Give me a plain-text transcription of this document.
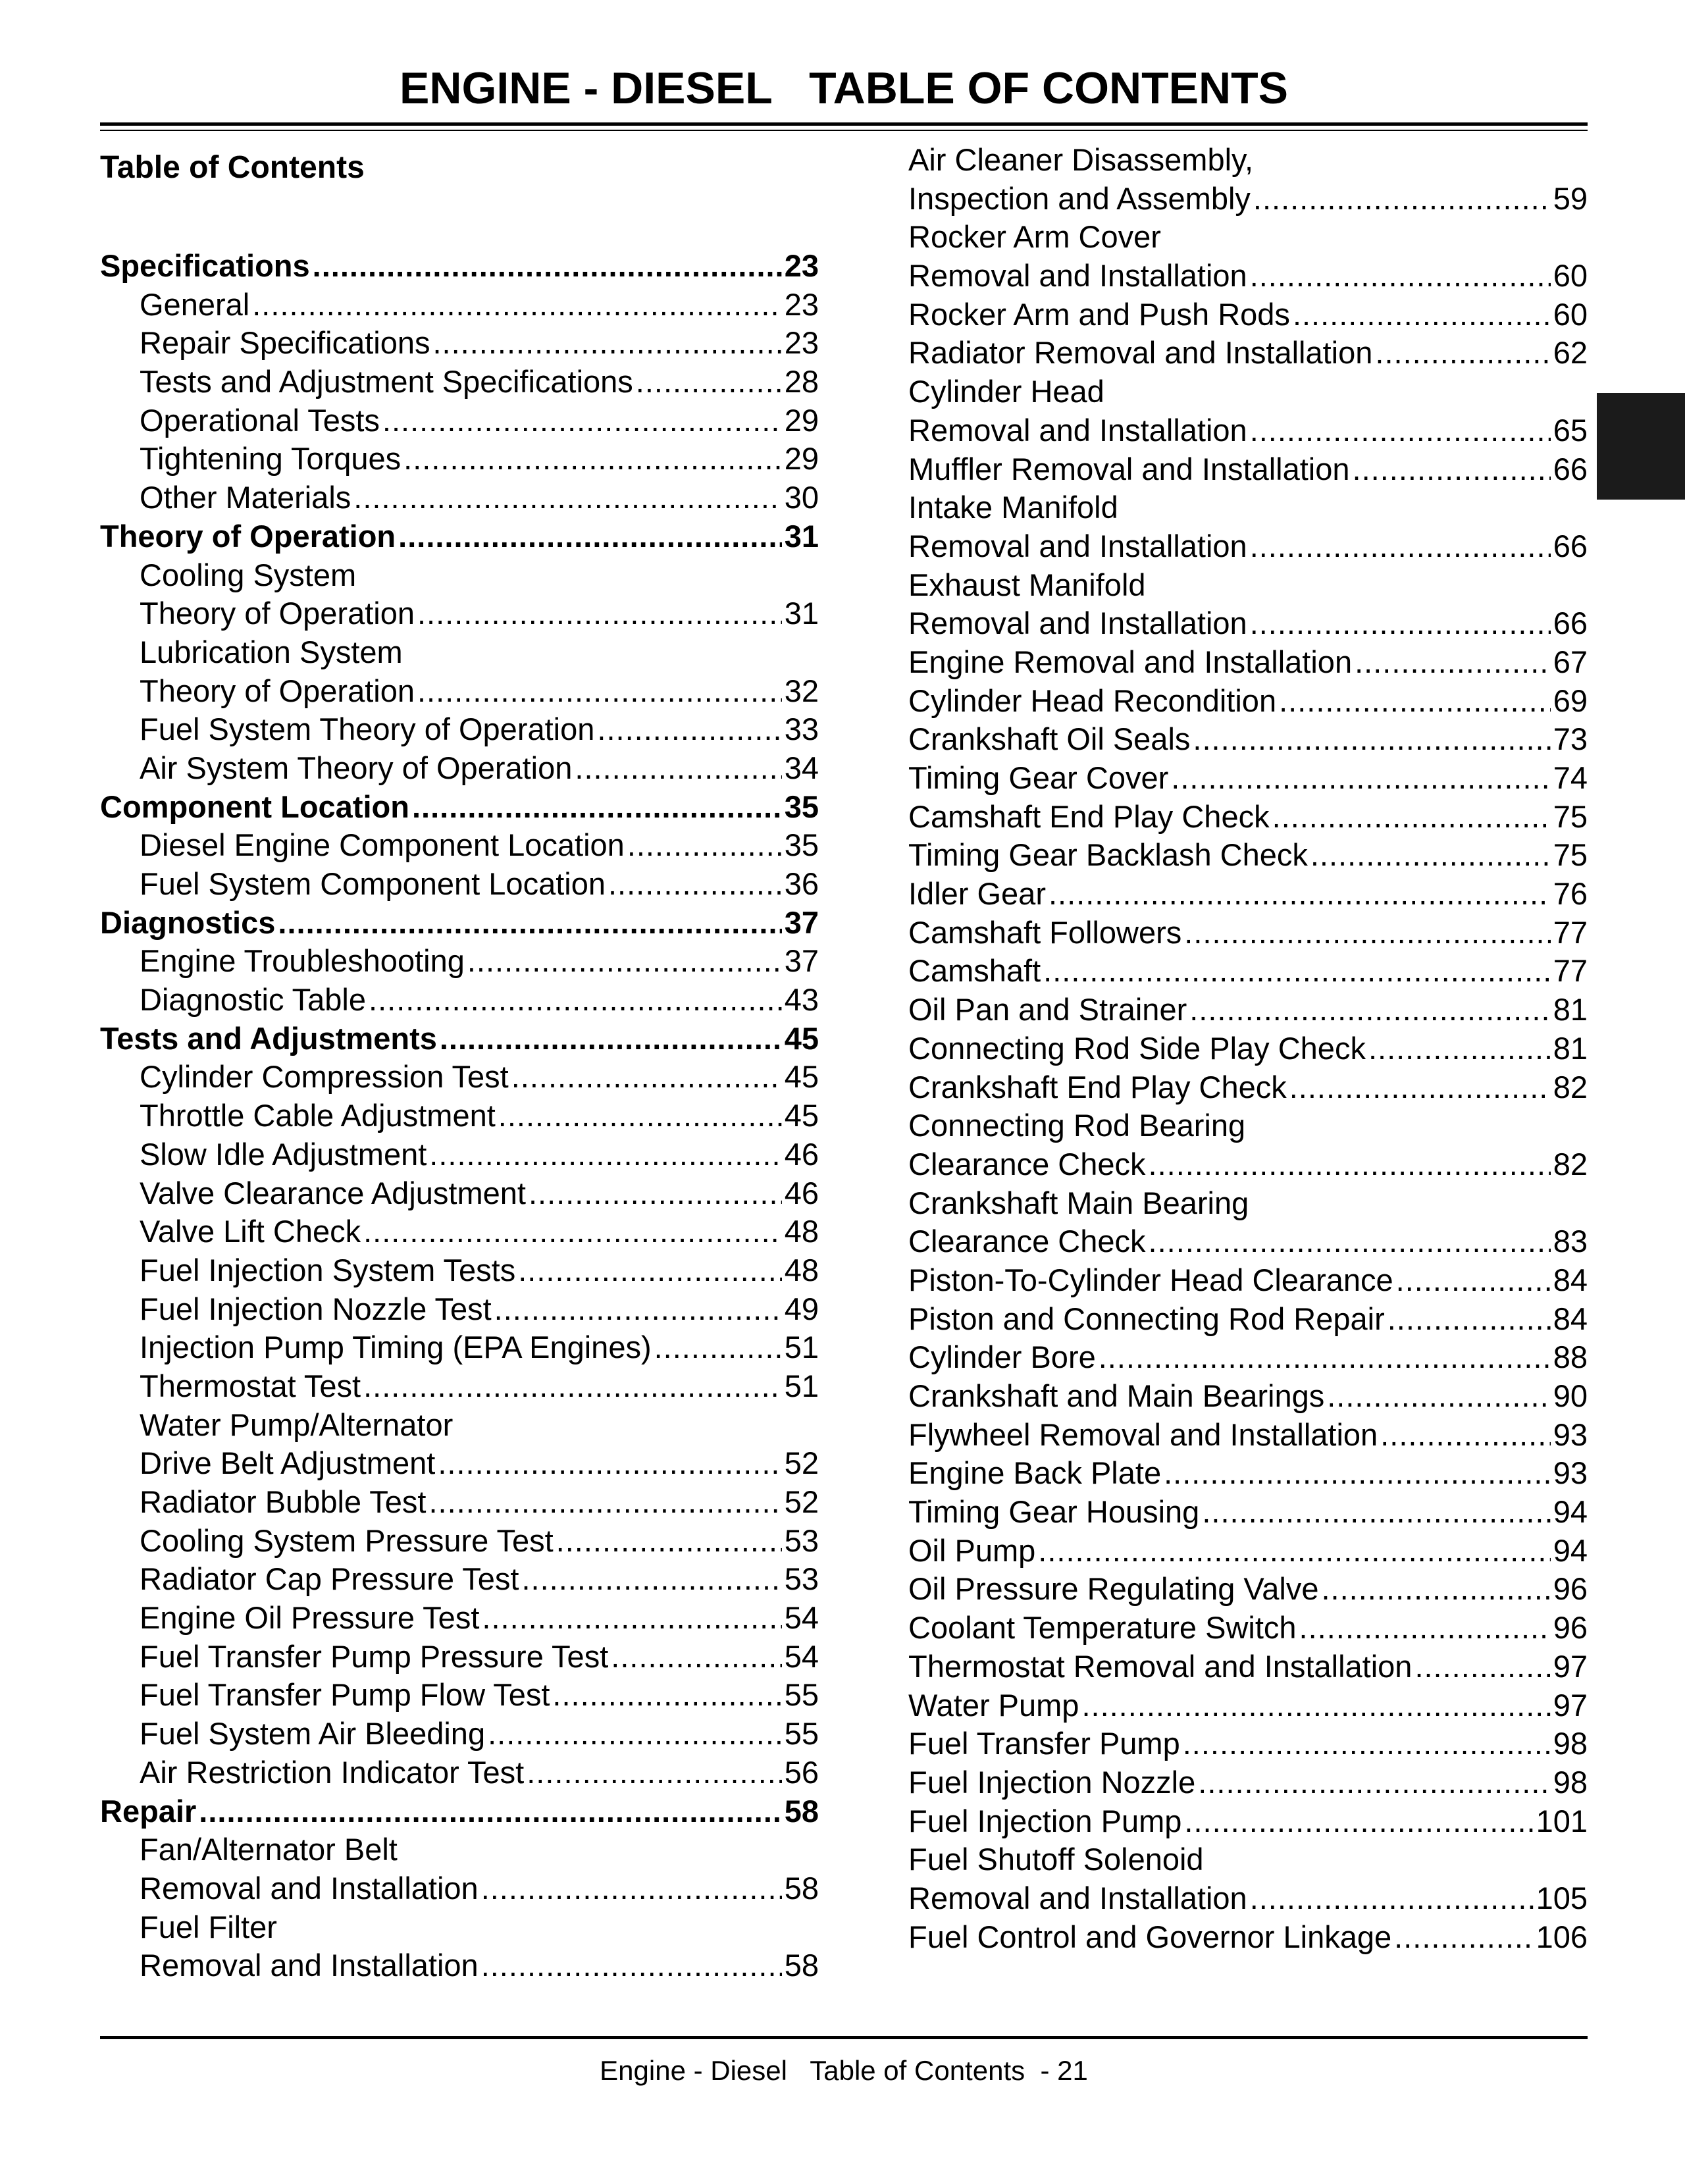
ENGINE - DIESEL   TABLE OF CONTENTS
Table of Contents
Specifications .....	23
General .....	23
Repair Specifications .....	23
Tests and Adjustment Specifications .....	28
Operational Tests .....	29
Tightening Torques .....	29
Other Materials .....	30
Theory of Operation .....	31
Cooling System
Theory of Operation .....	31
Lubrication System
Theory of Operation .....	32
Fuel System Theory of Operation .....	33
Air System Theory of Operation .....	34
Component Location .....	35
Diesel Engine Component Location .....	35
Fuel System Component Location .....	36
Diagnostics .....	37
Engine Troubleshooting .....	37
Diagnostic Table .....	43
Tests and Adjustments .....	45
Cylinder Compression Test .....	45
Throttle Cable Adjustment .....	45
Slow Idle Adjustment .....	46
Valve Clearance Adjustment .....	46
Valve Lift Check .....	48
Fuel Injection System Tests .....	48
Fuel Injection Nozzle Test .....	49
Injection Pump Timing (EPA Engines) .....	51
Thermostat Test .....	51
Water Pump/Alternator
Drive Belt Adjustment .....	52
Radiator Bubble Test .....	52
Cooling System Pressure Test .....	53
Radiator Cap Pressure Test .....	53
Engine Oil Pressure Test .....	54
Fuel Transfer Pump Pressure Test .....	54
Fuel Transfer Pump Flow Test .....	55
Fuel System Air Bleeding .....	55
Air Restriction Indicator Test .....	56
Repair .....	58
Fan/Alternator Belt
Removal and Installation .....	58
Fuel Filter
Removal and Installation .....	58
Air Cleaner Disassembly,
Inspection and Assembly .....	59
Rocker Arm Cover
Removal and Installation .....	60
Rocker Arm and Push Rods .....	60
Radiator Removal and Installation .....	62
Cylinder Head
Removal and Installation .....	65
Muffler Removal and Installation .....	66
Intake Manifold
Removal and Installation .....	66
Exhaust Manifold
Removal and Installation .....	66
Engine Removal and Installation .....	67
Cylinder Head Recondition .....	69
Crankshaft Oil Seals .....	73
Timing Gear Cover .....	74
Camshaft End Play Check .....	75
Timing Gear Backlash Check .....	75
Idler Gear .....	76
Camshaft Followers .....	77
Camshaft .....	77
Oil Pan and Strainer .....	81
Connecting Rod Side Play Check .....	81
Crankshaft End Play Check .....	82
Connecting Rod Bearing
Clearance Check .....	82
Crankshaft Main Bearing
Clearance Check .....	83
Piston-To-Cylinder Head Clearance .....	84
Piston and Connecting Rod Repair .....	84
Cylinder Bore .....	88
Crankshaft and Main Bearings .....	90
Flywheel Removal and Installation .....	93
Engine Back Plate .....	93
Timing Gear Housing .....	94
Oil Pump .....	94
Oil Pressure Regulating Valve .....	96
Coolant Temperature Switch .....	96
Thermostat Removal and Installation .....	97
Water Pump .....	97
Fuel Transfer Pump .....	98
Fuel Injection Nozzle .....	98
Fuel Injection Pump .....	101
Fuel Shutoff Solenoid
Removal and Installation .....	105
Fuel Control and Governor Linkage .....	106
Engine - Diesel   Table of Contents  - 21
